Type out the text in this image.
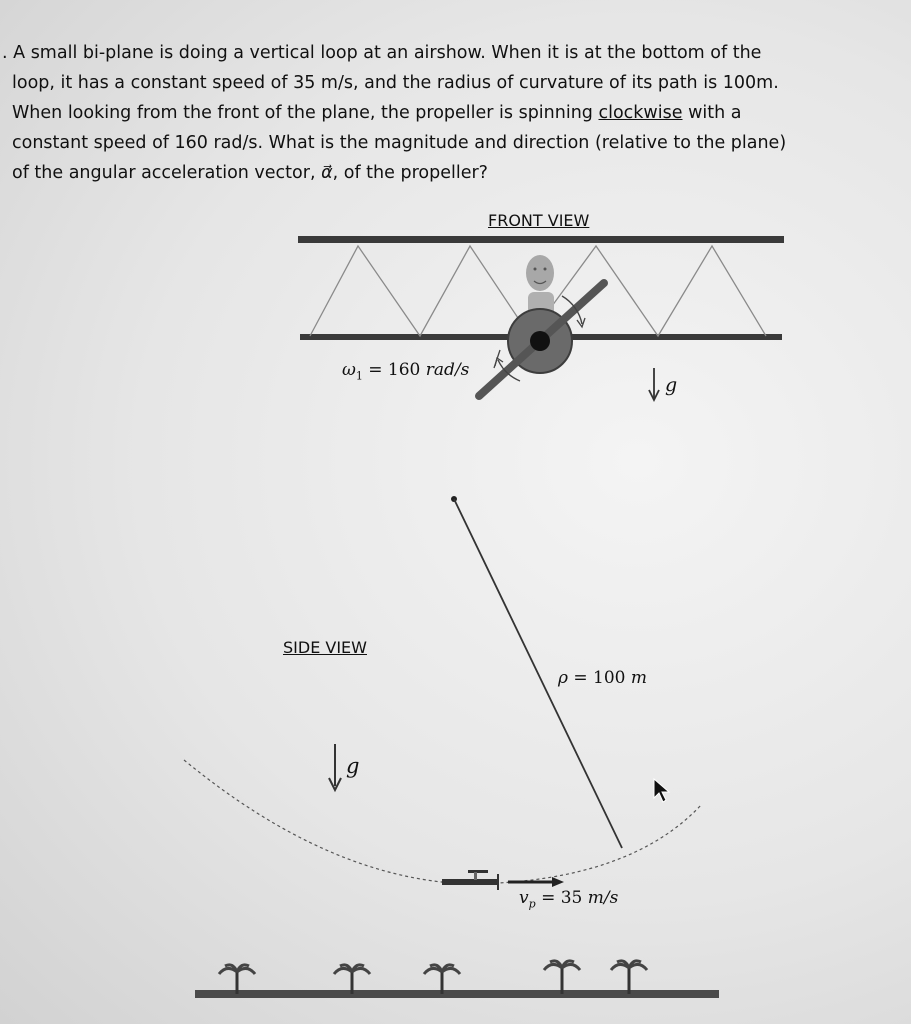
. A small bi-plane is doing a vertical loop at an airshow. When it is at the bottom of the

loop, it has a constant speed of 35 m/s, and the radius of curvature of its path is 100m.

When looking from the front of the plane, the propeller is spinning clockwise with a

constant speed of 160 rad/s. What is the magnitude and direction (relative to the plane)

of the angular acceleration vector, α⃗, of the propeller?

FRONT VIEW
$\omega_1 = 160$ rad/s
g
SIDE VIEW
g
ρ = 100 m
$v_p = 35$ m/s
